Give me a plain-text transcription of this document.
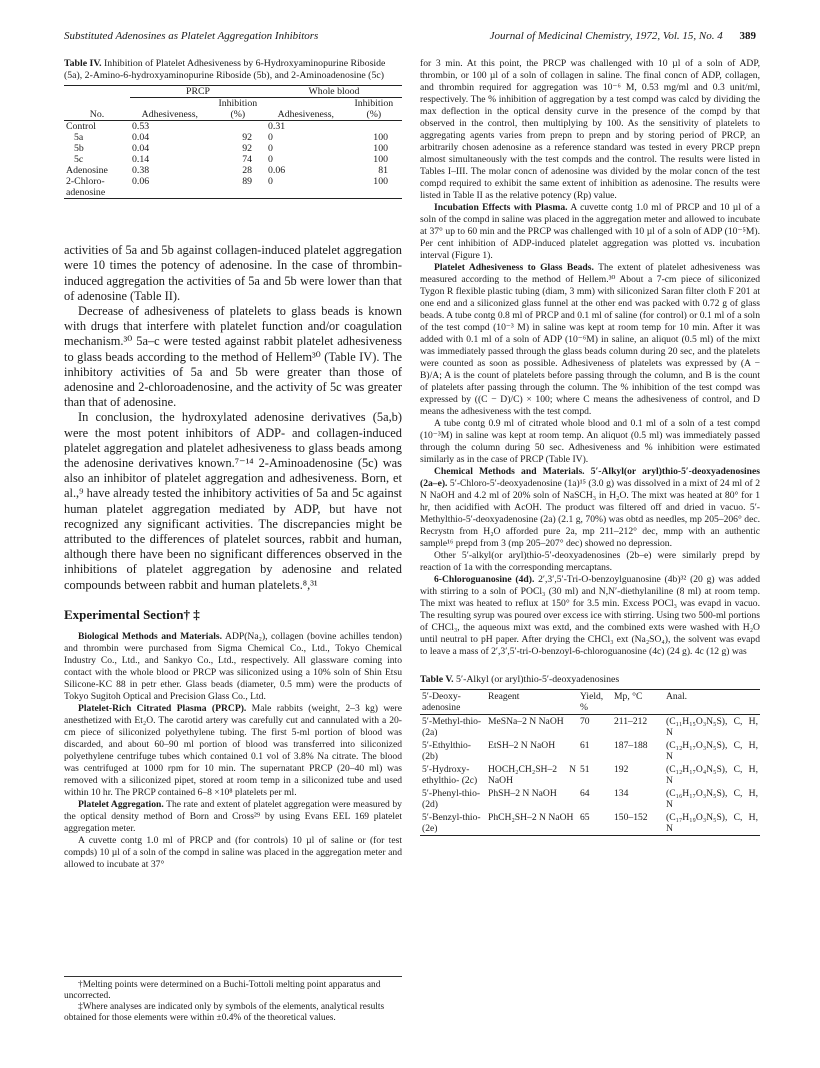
Substituted Adenosines as Platelet Aggregation Inhibitors	Journal of Medicinal Chemistry, 1972, Vol. 15, No. 4 389
Table IV. Inhibition of Platelet Adhesiveness by 6-Hydroxyaminopurine Riboside (5a), 2-Amino-6-hydroxyaminopurine Riboside (5b), and 2-Aminoadenosine (5c)
	PRCP		Whole blood	
		Inhibition		Inhibition
No.	Adhesiveness,	(%)	Adhesiveness,	(%)
Control	0.53		0.31	
5a	0.04	92	0	100
5b	0.04	92	0	100
5c	0.14	74	0	100
Adenosine	0.38	28	0.06	81
2-Chloro-adenosine	0.06	89	0	100

activities of 5a and 5b against collagen-induced platelet aggregation were 10 times the potency of adenosine. In the case of thrombin-induced aggregation the activities of 5a and 5b were lower than that of adenosine (Table II).

Decrease of adhesiveness of platelets to glass beads is known with drugs that interfere with platelet function and/or coagulation mechanism.³⁰ 5a–c were tested against rabbit platelet adhesiveness to glass beads according to the method of Hellem³⁰ (Table IV). The inhibitory activities of 5a and 5b were greater than those of adenosine and 2-chloroadenosine, and the activity of 5c was greater than that of adenosine.

In conclusion, the hydroxylated adenosine derivatives (5a,b) were the most potent inhibitors of ADP- and collagen-induced platelet aggregation and platelet adhesiveness to glass beads among the adenosine derivatives known.⁷⁻¹⁴ 2-Aminoadenosine (5c) was also an inhibitor of platelet aggregation and adhesiveness. Born, et al.,⁹ have already tested the inhibitory activities of 5a and 5c against human platelet aggregation mediated by ADP, but have not recognized any significant activities. The discrepancies might be attributed to the differences of platelet sources, rabbit and human, although there have been no significant differences observed in the inhibitions of platelet aggregation by adenosine and related compounds between rabbit and human platelets.⁸,³¹

Experimental Section† ‡

Biological Methods and Materials. ADP(Na₂), collagen (bovine achilles tendon) and thrombin were purchased from Sigma Chemical Co., Ltd., Tokyo Chemical Industry Co., Ltd., and Sankyo Co., Ltd., respectively. All glassware coming into contact with the whole blood or PRCP was siliconized using a 10% soln of Shin Etsu Silicone-KC 88 in petr ether. Glass beads (diameter, 0.5 mm) were the products of Tokyo Sugitoh Optical and Precision Glass Co., Ltd.

Platelet-Rich Citrated Plasma (PRCP). Male rabbits (weight, 2–3 kg) were anesthetized with Et₂O. The carotid artery was carefully cut and cannulated with a 20-cm piece of siliconized polyethylene tubing. The first 5-ml portion of blood was discarded, and about 60–90 ml portion of blood was transferred into siliconized polyethylene centrifuge tubes which contained 0.1 vol of 3.8% Na citrate. The blood was centrifuged at 1000 rpm for 10 min. The supernatant PRCP (20–40 ml) was removed with a siliconized pipet, stored at room temp in a siliconized tube and used within 10 hr. The PRCP contained 6–8 ×10⁸ platelets per ml.

Platelet Aggregation. The rate and extent of platelet aggregation were measured by the optical density method of Born and Cross²⁹ by using Evans EEL 169 platelet aggregation meter.

A cuvette contg 1.0 ml of PRCP and (for controls) 10 µl of saline or (for test compds) 10 µl of a soln of the compd in saline was placed in the aggregation meter and allowed to incubate at 37°

†Melting points were determined on a Buchi-Tottoli melting point apparatus and uncorrected.

‡Where analyses are indicated only by symbols of the elements, analytical results obtained for those elements were within ±0.4% of the theoretical values.

for 3 min. At this point, the PRCP was challenged with 10 µl of a soln of ADP, thrombin, or 100 µl of a soln of collagen in saline. The final concn of ADP, collagen, and thrombin required for aggregation was 10⁻⁶ M, 0.53 mg/ml and 0.3 unit/ml, respectively. The % inhibition of aggregation by a test compd was calcd by dividing the max deflection in the optical density curve in the presence of the compd by that observed in the control, then multiplying by 100. As the sensitivity of platelets to aggregating agents varies from prepn to prepn and by storing period of PRCP, an arbitrarily chosen adenosine as a reference standard was tested in every PRCP prepn almost simultaneously with the test compds and the control. The results were listed in Tables I–III. The molar concn of adenosine was divided by the molar concn of the test compd required to exhibit the same extent of inhibition as adenosine. The results were listed in Table II as the relative potency (Rp) value.

Incubation Effects with Plasma. A cuvette contg 1.0 ml of PRCP and 10 µl of a soln of the compd in saline was placed in the aggregation meter and allowed to incubate at 37° up to 60 min and the PRCP was challenged with 10 µl of a soln of ADP (10⁻⁵M). Per cent inhibition of ADP-induced platelet aggregation was plotted vs. incubation interval (Figure 1).

Platelet Adhesiveness to Glass Beads. The extent of platelet adhesiveness was measured according to the method of Hellem.³⁰ About a 7-cm piece of siliconized Tygon R flexible plastic tubing (diam, 3 mm) with siliconized Saran filter cloth F 201 at one end and a siliconized glass funnel at the other end was packed with 0.72 g of glass beads. A tube contg 0.8 ml of PRCP and 0.1 ml of saline (for control) or 0.1 ml of a soln of the test compd (10⁻³ M) in saline was kept at room temp for 10 min. After it was added with 0.1 ml of a soln of ADP (10⁻⁶M) in saline, an aliquot (0.5 ml) of the mixt was immediately passed through the glass beads column during 20 sec, and the platelets were counted as soon as possible. Adhesiveness of platelets was expressed by (A − B)/A; A is the count of platelets before passing through the column, and B is the count of platelets after passing through the column. The % inhibition of the test compd was expressed by ((C − D)/C) × 100; where C means the adhesiveness of control, and D means the adhesiveness with the test compd.

A tube contg 0.9 ml of citrated whole blood and 0.1 ml of a soln of a test compd (10⁻³M) in saline was kept at room temp. An aliquot (0.5 ml) was immediately passed through the column during 50 sec. Adhesiveness and % inhibition were estimated similarly as in the case of PRCP (Table IV).

Chemical Methods and Materials. 5′-Alkyl(or aryl)thio-5′-deoxyadenosines (2a–e). 5′-Chloro-5′-deoxyadenosine (1a)¹⁵ (3.0 g) was dissolved in a mixt of 24 ml of 2 N NaOH and 4.2 ml of 20% soln of NaSCH₃ in H₂O. The mixt was heated at 80° for 1 hr, then acidified with AcOH. The product was filtered off and dried in vacuo. 5′-Methylthio-5′-deoxyadenosine (2a) (2.1 g, 70%) was obtd as needles, mp 205–206° dec. Recrystn from H₂O afforded pure 2a, mp 211–212° dec, mmp with an authentic sample¹⁶ prepd from 3 (mp 205–207° dec) showed no depression.

Other 5′-alkyl(or aryl)thio-5′-deoxyadenosines (2b–e) were similarly prepd by reaction of 1a with the corresponding mercaptans.

6-Chloroguanosine (4d). 2′,3′,5′-Tri-O-benzoylguanosine (4b)³² (20 g) was added with stirring to a soln of POCl₃ (30 ml) and N,N′-diethylaniline (8 ml) at room temp. The mixt was heated to reflux at 150° for 3.5 min. Excess POCl₃ was evapd in vacuo. The resulting syrup was poured over excess ice with stirring. Using two 500-ml portions of CHCl₃, the aqueous mixt was extd, and the combined exts were washed with H₂O until neutral to pH paper. After drying the CHCl₃ ext (Na₂SO₄), the solvent was evapd to leave a mass of 2′,3′,5′-tri-O-benzoyl-6-chloroguanosine (4c) (24 g). 4c (12 g) was

Table V. 5′-Alkyl (or aryl)thio-5′-deoxyadenosines
5′-Deoxy-adenosine	Reagent	Yield, %	Mp, °C	Anal.
5′-Methyl-thio- (2a)	MeSNa–2 N NaOH	70	211–212	(C₁₁H₁₅O₃N₅S), C, H, N
5′-Ethylthio- (2b)	EtSH–2 N NaOH	61	187–188	(C₁₂H₁₇O₃N₅S), C, H, N
5′-Hydroxy-ethylthio- (2c)	HOCH₂CH₂SH–2 N NaOH	51	192	(C₁₂H₁₇O₄N₅S), C, H, N
5′-Phenyl-thio- (2d)	PhSH–2 N NaOH	64	134	(C₁₆H₁₇O₃N₅S), C, H, N
5′-Benzyl-thio- (2e)	PhCH₂SH–2 N NaOH	65	150–152	(C₁₇H₁₉O₃N₅S), C, H, N
